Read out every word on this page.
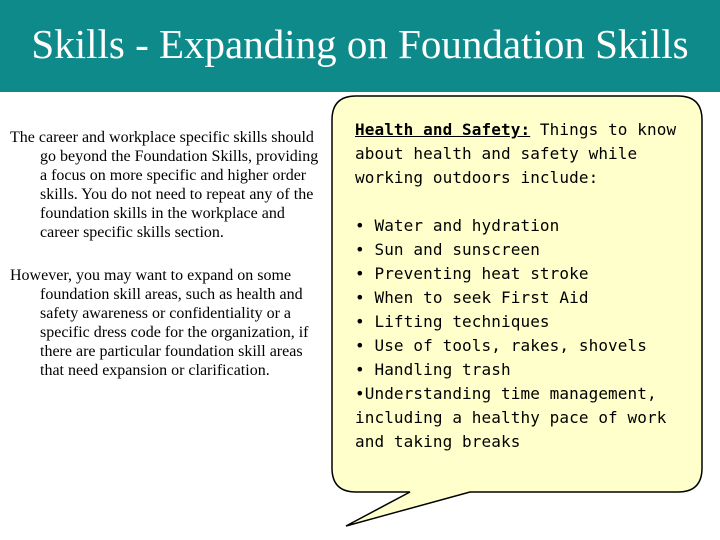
Skills - Expanding on Foundation Skills

The career and workplace specific skills should go beyond the Foundation Skills, providing a focus on more specific and higher order skills. You do not need to repeat any of the foundation skills in the workplace and career specific skills section.

However, you may want to expand on some foundation skill areas, such as health and safety awareness or confidentiality or a specific dress code for the organization, if there are particular foundation skill areas that need expansion or clarification.

Health and Safety: Things to know about health and safety while working outdoors include:
• Water and hydration
• Sun and sunscreen
• Preventing heat stroke
• When to seek First Aid
• Lifting techniques
• Use of tools, rakes, shovels
• Handling trash
•Understanding time management, including a healthy pace of work and taking breaks
